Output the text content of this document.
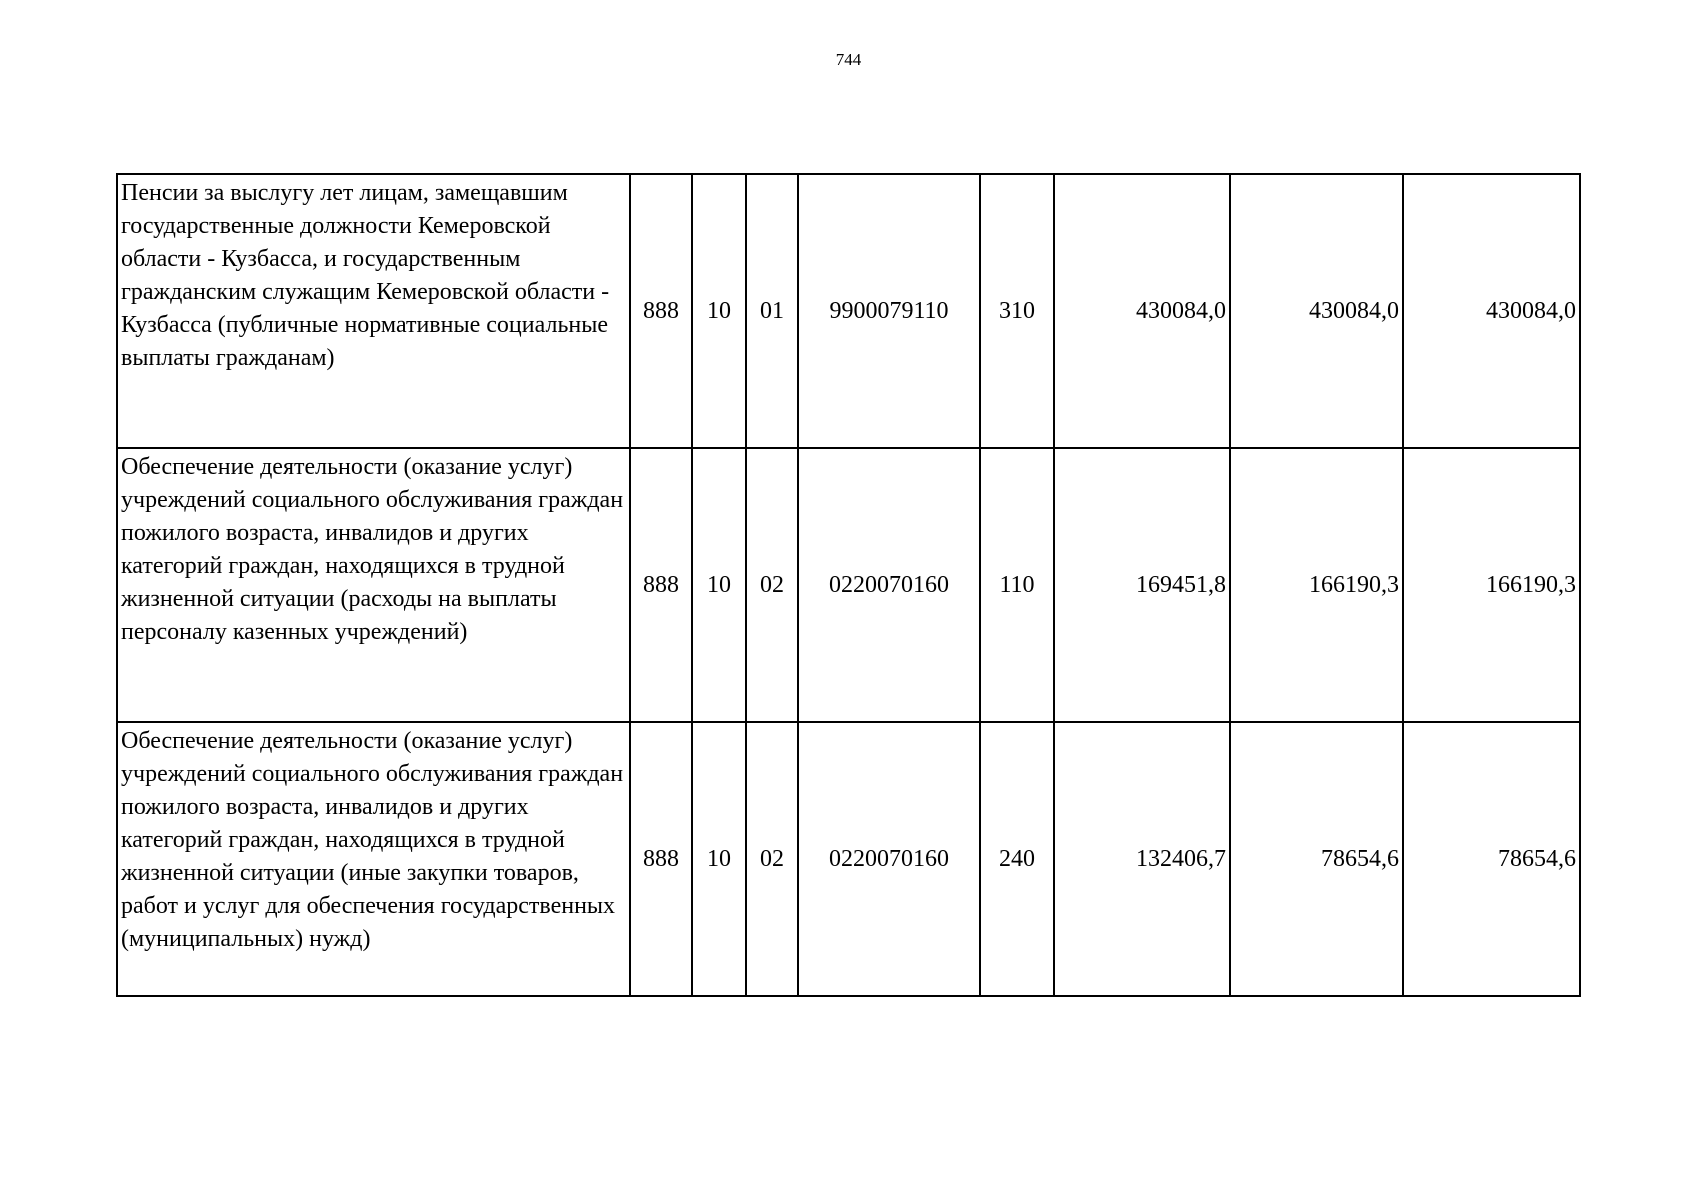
744
Пенсии за выслугу лет лицам, замещавшим государственные должности Кемеровской области - Кузбасса, и государственным гражданским служащим Кемеровской области - Кузбасса (публичные нормативные социальные выплаты гражданам)	888	10	01	9900079110	310	430084,0	430084,0	430084,0
Обеспечение деятельности (оказание услуг) учреждений социального обслуживания граждан пожилого возраста, инвалидов и других категорий граждан, находящихся в трудной жизненной ситуации (расходы на выплаты персоналу казенных учреждений)	888	10	02	0220070160	110	169451,8	166190,3	166190,3
Обеспечение деятельности (оказание услуг) учреждений социального обслуживания граждан пожилого возраста, инвалидов и других категорий граждан, находящихся в трудной жизненной ситуации (иные закупки товаров, работ и услуг для обеспечения государственных (муниципальных) нужд)	888	10	02	0220070160	240	132406,7	78654,6	78654,6
